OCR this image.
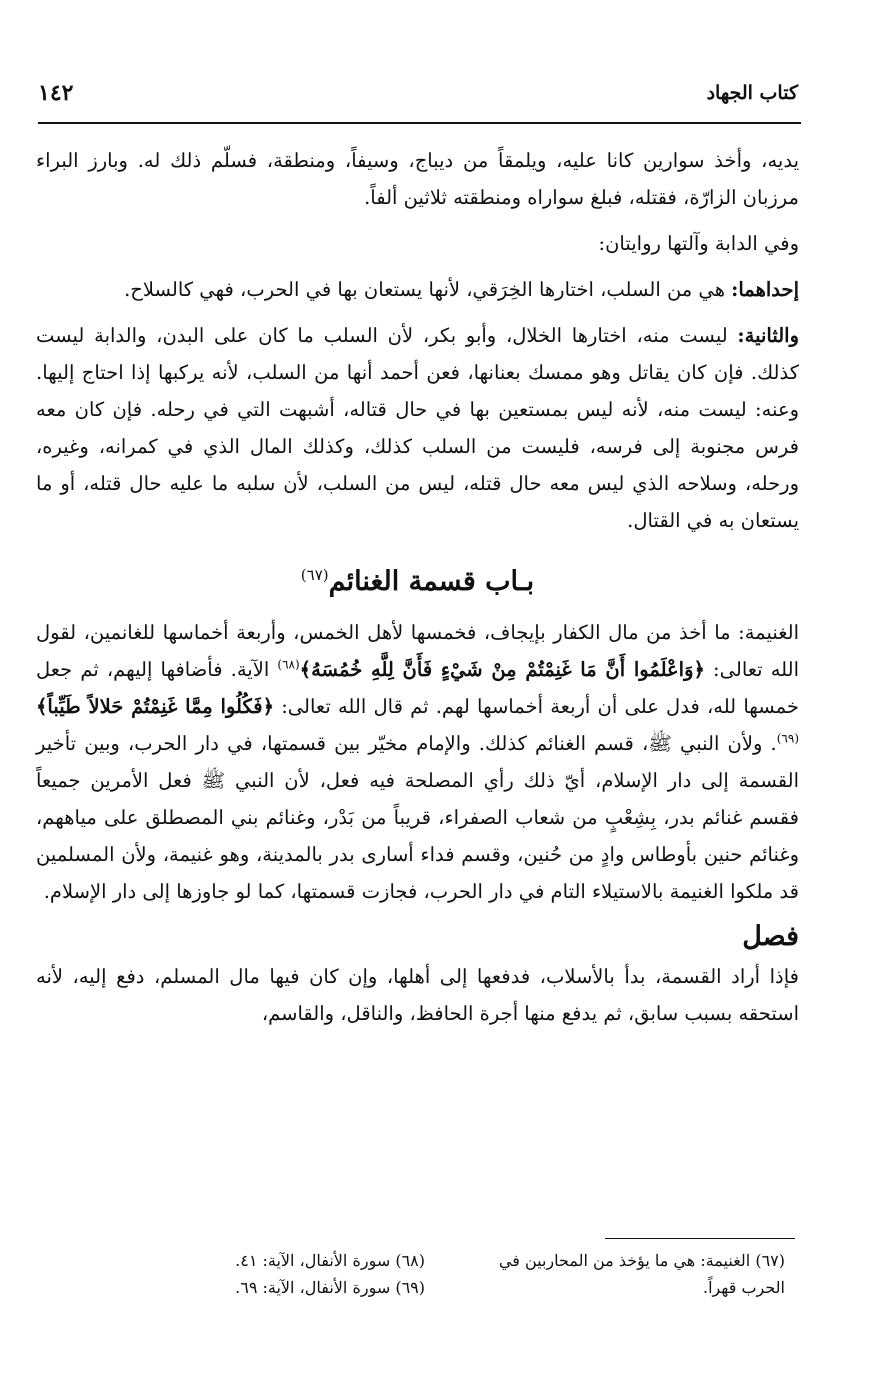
١٤٢	كتاب الجهاد

يديه، وأخذ سوارين كانا عليه، ويلمقاً من ديباج، وسيفاً، ومنطقة، فسلّم ذلك له. وبارز البراء مرزبان الزارّة، فقتله، فبلغ سواراه ومنطقته ثلاثين ألفاً.

وفي الدابة وآلتها روايتان:

إحداهما: هي من السلب، اختارها الخِرَقي، لأنها يستعان بها في الحرب، فهي كالسلاح.

والثانية: ليست منه، اختارها الخلال، وأبو بكر، لأن السلب ما كان على البدن، والدابة ليست كذلك. فإن كان يقاتل وهو ممسك بعنانها، فعن أحمد أنها من السلب، لأنه يركبها إذا احتاج إليها. وعنه: ليست منه، لأنه ليس بمستعين بها في حال قتاله، أشبهت التي في رحله. فإن كان معه فرس مجنوبة إلى فرسه، فليست من السلب كذلك، وكذلك المال الذي في كمرانه، وغيره، ورحله، وسلاحه الذي ليس معه حال قتله، ليس من السلب، لأن سلبه ما عليه حال قتله، أو ما يستعان به في القتال.

بـاب قسمة الغنائم$^{(٦٧)}$

الغنيمة: ما أخذ من مال الكفار بإيجاف، فخمسها لأهل الخمس، وأربعة أخماسها للغانمين، لقول الله تعالى: ﴿وَاعْلَمُوا أَنَّ مَا غَنِمْتُمْ مِنْ شَيْءٍ فَأَنَّ لِلَّهِ خُمُسَهُ﴾$^{(٦٨)}$ الآية. فأضافها إليهم، ثم جعل خمسها لله، فدل على أن أربعة أخماسها لهم. ثم قال الله تعالى: ﴿فَكُلُوا مِمَّا غَنِمْتُمْ حَلالاً طَيِّباً﴾$^{(٦٩)}$. ولأن النبي ﷺ، قسم الغنائم كذلك. والإمام مخيّر بين قسمتها، في دار الحرب، وبين تأخير القسمة إلى دار الإسلام، أيّ ذلك رأي المصلحة فيه فعل، لأن النبي ﷺ فعل الأمرين جميعاً فقسم غنائم بدر، بِشِعْبٍ من شعاب الصفراء، قريباً من بَدْر، وغنائم بني المصطلق على مياههم، وغنائم حنين بأوطاس وادٍ من حُنين، وقسم فداء أسارى بدر بالمدينة، وهو غنيمة، ولأن المسلمين قد ملكوا الغنيمة بالاستيلاء التام في دار الحرب، فجازت قسمتها، كما لو جاوزها إلى دار الإسلام.

فصل

فإذا أراد القسمة، بدأ بالأسلاب، فدفعها إلى أهلها، وإن كان فيها مال المسلم، دفع إليه، لأنه استحقه بسبب سابق، ثم يدفع منها أجرة الحافظ، والناقل، والقاسم،

(٦٧) الغنيمة: هي ما يؤخذ من المحاربين في الحرب قهراً.

(٦٨) سورة الأنفال، الآية: ٤١.

(٦٩) سورة الأنفال، الآية: ٦٩.
